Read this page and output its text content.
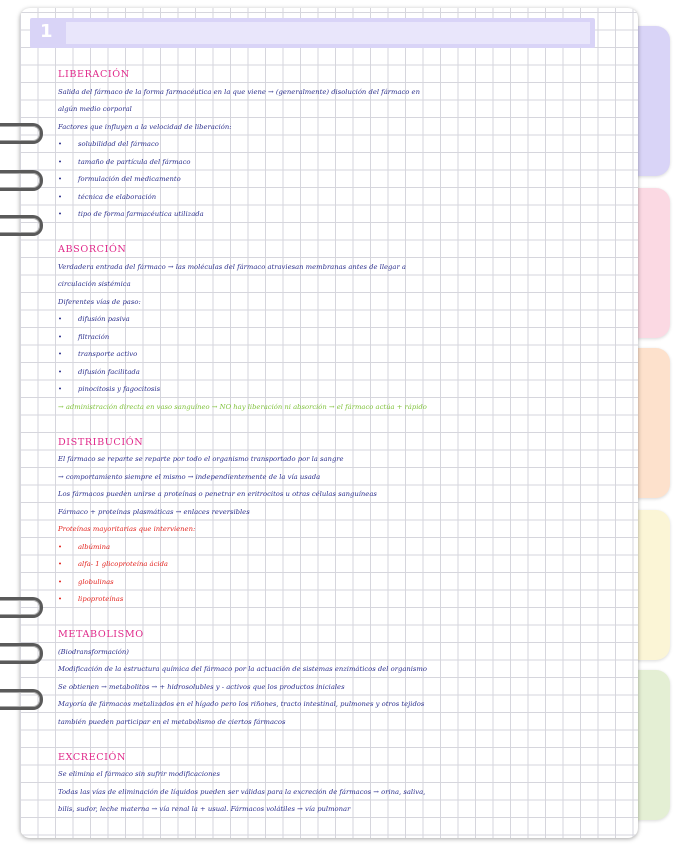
1
LIBERACIÓN
Salida del fármaco de la forma farmacéutica en la que viene → (generalmente) disolución del fármaco en
algún medio corporal
Factores que influyen a la velocidad de liberación:
• solubilidad del fármaco
• tamaño de partícula del fármaco
• formulación del medicamento
• técnica de elaboración
• tipo de forma farmacéutica utilizada
ABSORCIÓN
Verdadera entrada del fármaco → las moléculas del fármaco atraviesan membranas antes de llegar a
circulación sistémica
Diferentes vías de paso:
• difusión pasiva
• filtración
• transporte activo
• difusión facilitada
• pinocitosis y fagocitosis
→ administración directa en vaso sanguíneo → NO hay liberación ni absorción → el fármaco actúa + rápido
DISTRIBUCIÓN
El fármaco se reparte se reparte por todo el organismo transportado por la sangre
→ comportamiento siempre el mismo → independientemente de la vía usada
Los fármacos pueden unirse a proteínas o penetrar en eritrocitos u otras células sanguíneas
Fármaco + proteínas plasmáticas → enlaces reversibles
Proteínas mayoritarias que intervienen:
• albúmina
• alfa- 1 glicoproteína ácida
• globulinas
• lipoproteínas
METABOLISMO
(Biodransformación)
Modificación de la estructura química del fármaco por la actuación de sistemas enzimáticos del organismo
Se obtienen → metabolitos → + hidrosolubles y - activos que los productos iniciales
Mayoría de fármacos metalizados en el hígado pero los riñones, tracto intestinal, pulmones y otros tejidos
también pueden participar en el metabolismo de ciertos fármacos
EXCRECIÓN
Se elimina el fármaco sin sufrir modificaciones
Todas las vías de eliminación de líquidos pueden ser válidas para la excreción de fármacos → orina, saliva,
bilis, sudor, leche materna → vía renal la + usual. Fármacos volátiles → vía pulmonar
